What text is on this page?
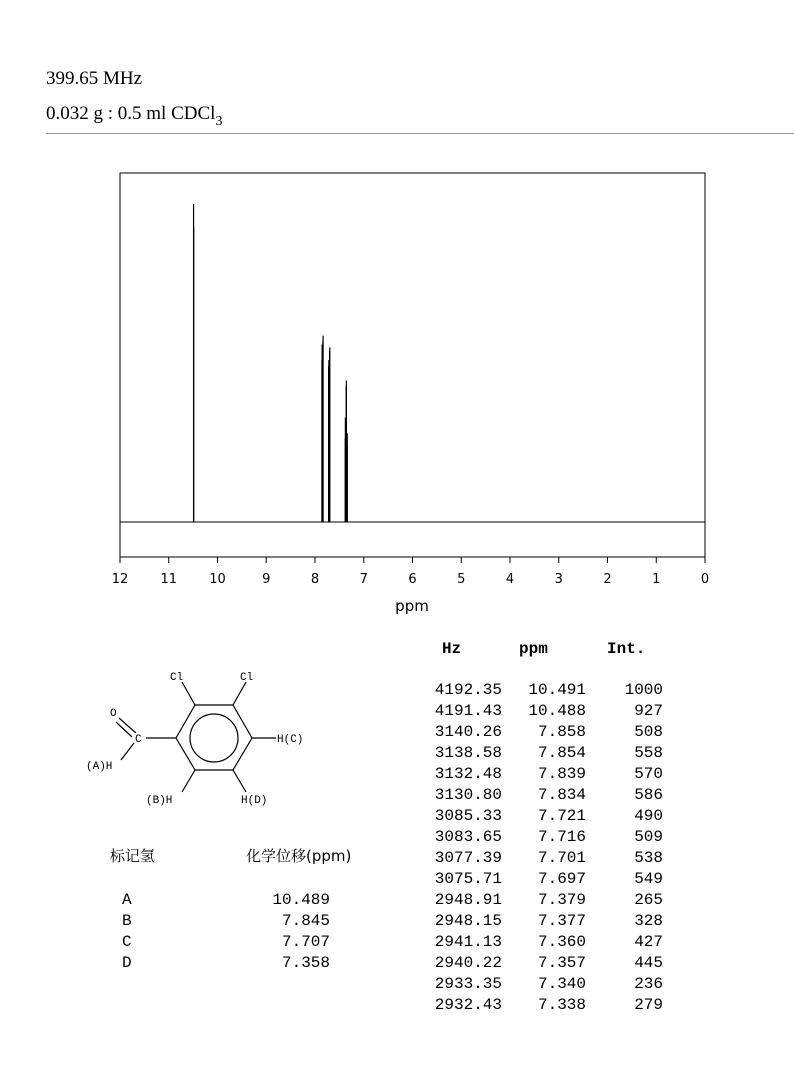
399.65 MHz
0.032 g : 0.5 ml CDCl$_3$
12 11 10	9	8	7	6	5	4	3	2	1	0
ppm
Cl	Cl
O
C
(A)H
(B)H
H(C)
H(D)
标记氢	化学位移(ppm)
A	10.489
B	7.845
C	7.707
D	7.358
Hz	ppm	Int.
4192.35	10.491	1000
4191.43	10.488	927
3140.26	7.858	508
3138.58	7.854	558
3132.48	7.839	570
3130.80	7.834	586
3085.33	7.721	490
3083.65	7.716	509
3077.39	7.701	538
3075.71	7.697	549
2948.91	7.379	265
2948.15	7.377	328
2941.13	7.360	427
2940.22	7.357	445
2933.35	7.340	236
2932.43	7.338	279
